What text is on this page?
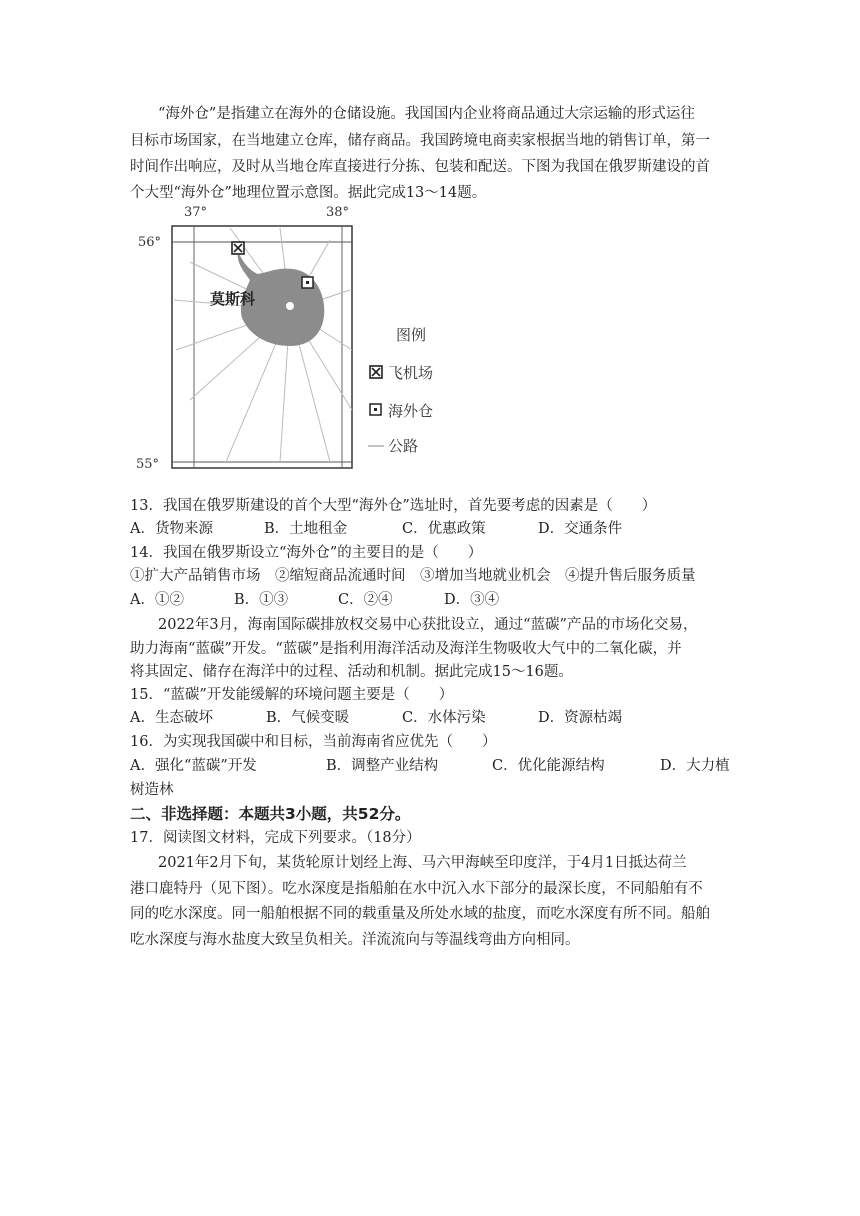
“海外仓”是指建立在海外的仓储设施。我国国内企业将商品通过大宗运输的形式运往
目标市场国家，在当地建立仓库，储存商品。我国跨境电商卖家根据当地的销售订单，第一
时间作出响应，及时从当地仓库直接进行分拣、包装和配送。下图为我国在俄罗斯建设的首
个大型“海外仓”地理位置示意图。据此完成13～14题。
37°	38°
56°
55°
莫斯科
图例
飞机场
海外仓
公路
13．我国在俄罗斯建设的首个大型“海外仓”选址时，首先要考虑的因素是（　　）
A．货物来源	B．土地租金	C．优惠政策	D．交通条件
14．我国在俄罗斯设立“海外仓”的主要目的是（　　）
①扩大产品销售市场　②缩短商品流通时间　③增加当地就业机会　④提升售后服务质量
A．①②	B．①③	C．②④	D．③④
2022年3月，海南国际碳排放权交易中心获批设立，通过“蓝碳”产品的市场化交易，
助力海南“蓝碳”开发。“蓝碳”是指利用海洋活动及海洋生物吸收大气中的二氧化碳，并
将其固定、储存在海洋中的过程、活动和机制。据此完成15～16题。
15．“蓝碳”开发能缓解的环境问题主要是（　　）
A．生态破坏	B．气候变暖	C．水体污染	D．资源枯竭
16．为实现我国碳中和目标，当前海南省应优先（　　）
A．强化“蓝碳”开发	B．调整产业结构	C．优化能源结构	D．大力植
树造林
二、非选择题：本题共3小题，共52分。
17．阅读图文材料，完成下列要求。（18分）
2021年2月下旬，某货轮原计划经上海、马六甲海峡至印度洋，于4月1日抵达荷兰
港口鹿特丹（见下图）。吃水深度是指船舶在水中沉入水下部分的最深长度，不同船舶有不
同的吃水深度。同一船舶根据不同的载重量及所处水域的盐度，而吃水深度有所不同。船舶
吃水深度与海水盐度大致呈负相关。洋流流向与等温线弯曲方向相同。
